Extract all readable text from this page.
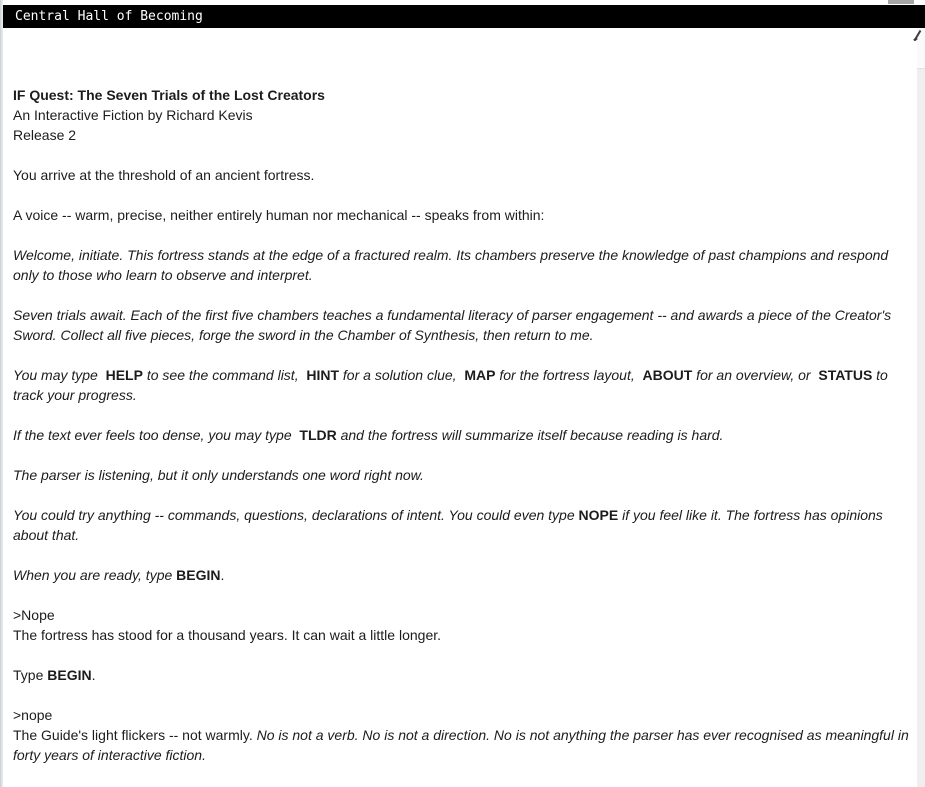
Central Hall of Becoming

IF Quest: The Seven Trials of the Lost Creators

An Interactive Fiction by Richard Kevis

Release 2

You arrive at the threshold of an ancient fortress.

A voice -- warm, precise, neither entirely human nor mechanical -- speaks from within:

Welcome, initiate. This fortress stands at the edge of a fractured realm. Its chambers preserve the knowledge of past champions and respond only to those who learn to observe and interpret.

Seven trials await. Each of the first five chambers teaches a fundamental literacy of parser engagement -- and awards a piece of the Creator's Sword. Collect all five pieces, forge the sword in the Chamber of Synthesis, then return to me.

You may type  HELP to see the command list,  HINT for a solution clue,  MAP for the fortress layout,  ABOUT for an overview, or  STATUS to track your progress.

If the text ever feels too dense, you may type  TLDR and the fortress will summarize itself because reading is hard.

The parser is listening, but it only understands one word right now.

You could try anything -- commands, questions, declarations of intent. You could even type NOPE if you feel like it. The fortress has opinions about that.

When you are ready, type BEGIN.

>Nope

The fortress has stood for a thousand years. It can wait a little longer.

Type BEGIN.

>nope

The Guide's light flickers -- not warmly. No is not a verb. No is not a direction. No is not anything the parser has ever recognised as meaningful in forty years of interactive fiction.
